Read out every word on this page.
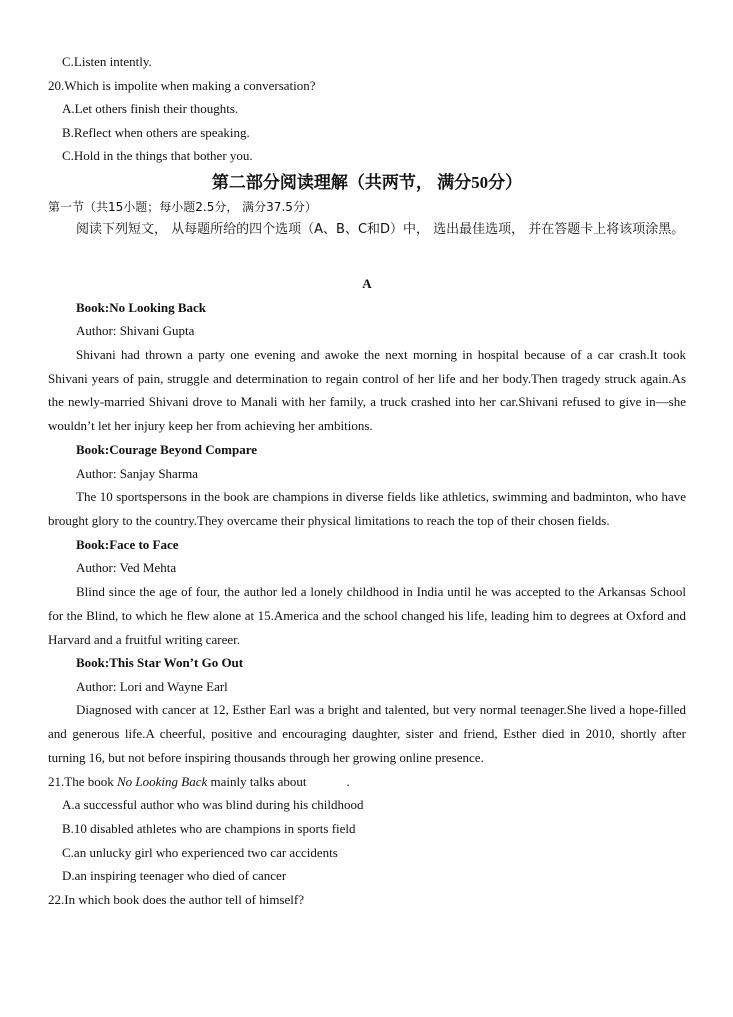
C.Listen intently.
20.Which is impolite when making a conversation?
A.Let others finish their thoughts.
B.Reflect when others are speaking.
C.Hold in the things that bother you.
第二部分阅读理解（共两节， 满分50分）
第一节（共15小题；每小题2.5分， 满分37.5分）
阅读下列短文， 从每题所给的四个选项（A、B、C和D）中， 选出最佳选项， 并在答题卡上将该项涂黑。
A
Book:No Looking Back
Author: Shivani Gupta
Shivani had thrown a party one evening and awoke the next morning in hospital because of a car crash.It took Shivani years of pain, struggle and determination to regain control of her life and her body.Then tragedy struck again.As the newly-married Shivani drove to Manali with her family, a truck crashed into her car.Shivani refused to give in—she wouldn’t let her injury keep her from achieving her ambitions.
Book:Courage Beyond Compare
Author: Sanjay Sharma
The 10 sportspersons in the book are champions in diverse fields like athletics, swimming and badminton, who have brought glory to the country.They overcame their physical limitations to reach the top of their chosen fields.
Book:Face to Face
Author: Ved Mehta
Blind since the age of four, the author led a lonely childhood in India until he was accepted to the Arkansas School for the Blind, to which he flew alone at 15.America and the school changed his life, leading him to degrees at Oxford and Harvard and a fruitful writing career.
Book:This Star Won’t Go Out
Author: Lori and Wayne Earl
Diagnosed with cancer at 12, Esther Earl was a bright and talented, but very normal teenager.She lived a hope-filled and generous life.A cheerful, positive and encouraging daughter, sister and friend, Esther died in 2010, shortly after turning 16, but not before inspiring thousands through her growing online presence.
21.The book No Looking Back mainly talks about	.
A.a successful author who was blind during his childhood
B.10 disabled athletes who are champions in sports field
C.an unlucky girl who experienced two car accidents
D.an inspiring teenager who died of cancer
22.In which book does the author tell of himself?
